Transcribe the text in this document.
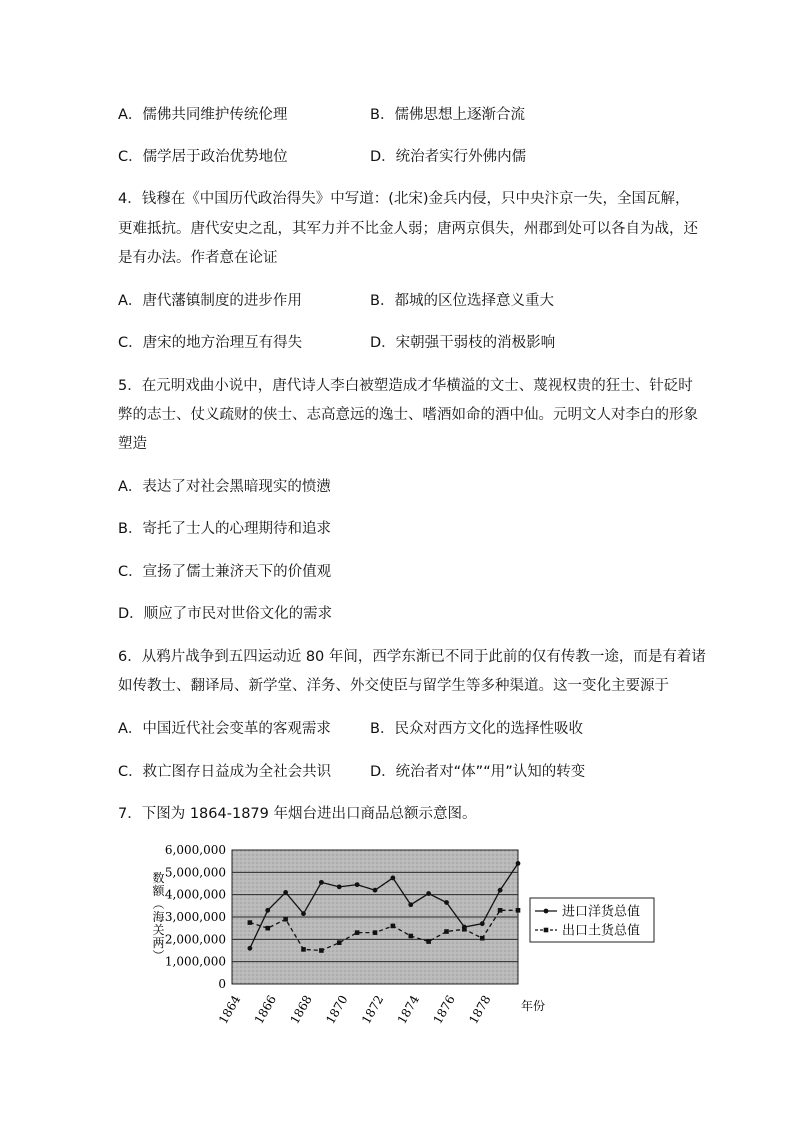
A．儒佛共同维护传统伦理	B．儒佛思想上逐渐合流
C．儒学居于政治优势地位	D．统治者实行外佛内儒
4．钱穆在《中国历代政治得失》中写道：(北宋)金兵内侵，只中央汴京一失，全国瓦解，
更难抵抗。唐代安史之乱，其军力并不比金人弱；唐两京俱失，州郡到处可以各自为战，还
是有办法。作者意在论证
A．唐代藩镇制度的进步作用	B．都城的区位选择意义重大
C．唐宋的地方治理互有得失	D．宋朝强干弱枝的消极影响
5．在元明戏曲小说中，唐代诗人李白被塑造成才华横溢的文士、蔑视权贵的狂士、针砭时
弊的志士、仗义疏财的侠士、志高意远的逸士、嗜酒如命的酒中仙。元明文人对李白的形象
塑造
A．表达了对社会黑暗现实的愤懑
B．寄托了士人的心理期待和追求
C．宣扬了儒士兼济天下的价值观
D．顺应了市民对世俗文化的需求
6．从鸦片战争到五四运动近 80 年间，西学东渐已不同于此前的仅有传教一途，而是有着诸
如传教士、翻译局、新学堂、洋务、外交使臣与留学生等多种渠道。这一变化主要源于
A．中国近代社会变革的客观需求	B．民众对西方文化的选择性吸收
C．救亡图存日益成为全社会共识	D．统治者对“体”“用”认知的转变
7．下图为 1864-1879 年烟台进出口商品总额示意图。
6,000,000
5,000,000
4,000,000
3,000,000
2,000,000
1,000,000
0
数额（海关两）
1864 1866 1868 1870 1872 1874 1876 1878 年份
进口洋货总值
出口土货总值
